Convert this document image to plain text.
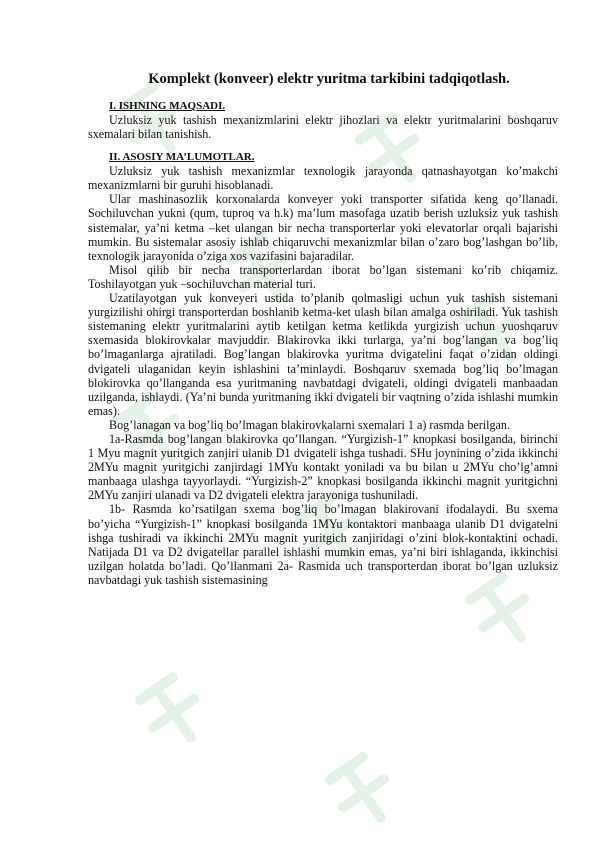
Komplekt (konveer) elektr yuritma tarkibini tadqiqotlash.
I. ISHNING MAQSADI.

Uzluksiz yuk tashish mexanizmlarini elektr jihozlari va elektr yuritmalarini boshqaruv sxemalari bilan tanishish.

II. ASOSIY MA’LUMOTLAR.

Uzluksiz yuk tashish mexanizmlar texnologik jarayonda qatnashayotgan ko’makchi mexanizmlarni bir guruhi hisoblanadi.

Ular mashinasozlik korxonalarda konveyer yoki transporter sifatida keng qo’llanadi. Sochiluvchan yukni (qum, tuproq va h.k) ma’lum masofaga uzatib berish uzluksiz yuk tashish sistemalar, ya’ni ketma –ket ulangan bir necha transporterlar yoki elevatorlar orqali bajarishi mumkin. Bu sistemalar asosiy ishlab chiqaruvchi mexanizmlar bilan o’zaro bog’lashgan bo’lib, texnologik jarayonida o’ziga xos vazifasini bajaradilar.

Misol qilib bir necha transporterlardan iborat bo’lgan sistemani ko’rib chiqamiz. Toshilayotgan yuk –sochiluvchan material turi.

Uzatilayotgan yuk konveyeri ustida to’planib qolmasligi uchun yuk tashish sistemani yurgizilishi ohirgi transporterdan boshlanib ketma-ket ulash bilan amalga oshiriladi. Yuk tashish sistemaning elektr yuritmalarini aytib ketilgan ketma ketlikda yurgizish uchun yuoshqaruv sxemasida blokirovkalar mavjuddir. Blakirovka ikki turlarga, ya’ni bog’langan va bog’liq bo’lmaganlarga ajratiladi. Bog’langan blakirovka yuritma dvigatelini faqat o’zidan oldingi dvigateli ulaganidan keyin ishlashini ta’minlaydi. Boshqaruv sxemada bog’liq bo’lmagan blokirovka qo’llanganda esa yuritmaning navbatdagi dvigateli, oldingi dvigateli manbaadan uzilganda, ishlaydi. (Ya’ni bunda yuritmaning ikki dvigateli bir vaqtning o’zida ishlashi mumkin emas).

Bog’lanagan va bog’liq bo’lmagan blakirovkalarni sxemalari 1 a) rasmda berilgan.

1a-Rasmda bog’langan blakirovka qo’llangan. “Yurgizish-1” knopkasi bosilganda, birinchi 1 Myu magnit yuritgich zanjiri ulanib D1 dvigateli ishga tushadi. SHu joynining o’zida ikkinchi 2MYu magnit yuritgichi zanjirdagi 1MYu kontakt yoniladi va bu bilan u 2MYu cho’lg’amni manbaaga ulashga tayyorlaydi. “Yurgizish-2” knopkasi bosilganda ikkinchi magnit yuritgichni 2MYu zanjiri ulanadi va D2 dvigateli elektra jarayoniga tushuniladi.

1b- Rasmda ko’rsatilgan sxema bog’liq bo’lmagan blakirovani ifodalaydi. Bu sxema bo’yicha “Yurgizish-1” knopkasi bosilganda 1MYu kontaktori manbaaga ulanib D1 dvigatelni ishga tushiradi va ikkinchi 2MYu magnit yuritgich zanjiridagi o’zini blok-kontaktini ochadi. Natijada D1 va D2 dvigatellar parallel ishlashi mumkin emas, ya’ni biri ishlaganda, ikkinchisi uzilgan holatda bo’ladi. Qo’llanmani 2a- Rasmida uch transporterdan iborat bo’lgan uzluksiz navbatdagi yuk tashish sistemasining
